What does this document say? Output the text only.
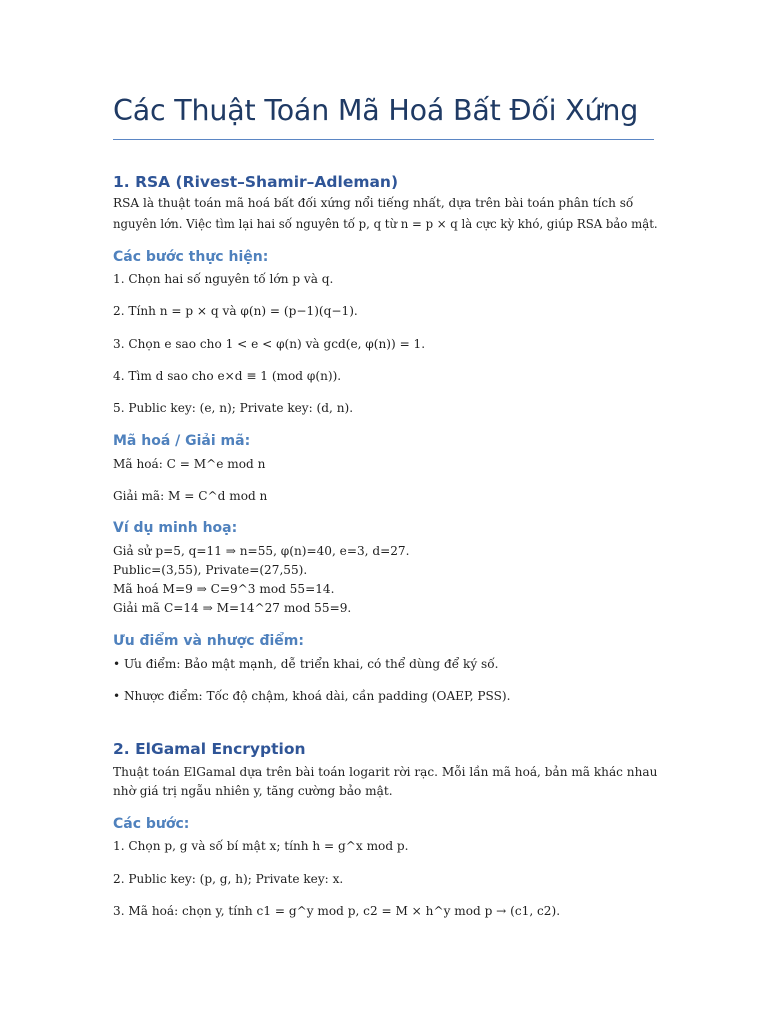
Các Thuật Toán Mã Hoá Bất Đối Xứng
1. RSA (Rivest–Shamir–Adleman)
RSA là thuật toán mã hoá bất đối xứng nổi tiếng nhất, dựa trên bài toán phân tích số
nguyên lớn. Việc tìm lại hai số nguyên tố p, q từ n = p × q là cực kỳ khó, giúp RSA bảo mật.
Các bước thực hiện:
1. Chọn hai số nguyên tố lớn p và q.
2. Tính n = p × q và φ(n) = (p−1)(q−1).
3. Chọn e sao cho 1 < e < φ(n) và gcd(e, φ(n)) = 1.
4. Tìm d sao cho e×d ≡ 1 (mod φ(n)).
5. Public key: (e, n); Private key: (d, n).
Mã hoá / Giải mã:
Mã hoá: C = M^e mod n
Giải mã: M = C^d mod n
Ví dụ minh hoạ:
Giả sử p=5, q=11 ⇒ n=55, φ(n)=40, e=3, d=27.
Public=(3,55), Private=(27,55).
Mã hoá M=9 ⇒ C=9^3 mod 55=14.
Giải mã C=14 ⇒ M=14^27 mod 55=9.
Ưu điểm và nhược điểm:
• Ưu điểm: Bảo mật mạnh, dễ triển khai, có thể dùng để ký số.
• Nhược điểm: Tốc độ chậm, khoá dài, cần padding (OAEP, PSS).
2. ElGamal Encryption
Thuật toán ElGamal dựa trên bài toán logarit rời rạc. Mỗi lần mã hoá, bản mã khác nhau
nhờ giá trị ngẫu nhiên y, tăng cường bảo mật.
Các bước:
1. Chọn p, g và số bí mật x; tính h = g^x mod p.
2. Public key: (p, g, h); Private key: x.
3. Mã hoá: chọn y, tính c1 = g^y mod p, c2 = M × h^y mod p → (c1, c2).
